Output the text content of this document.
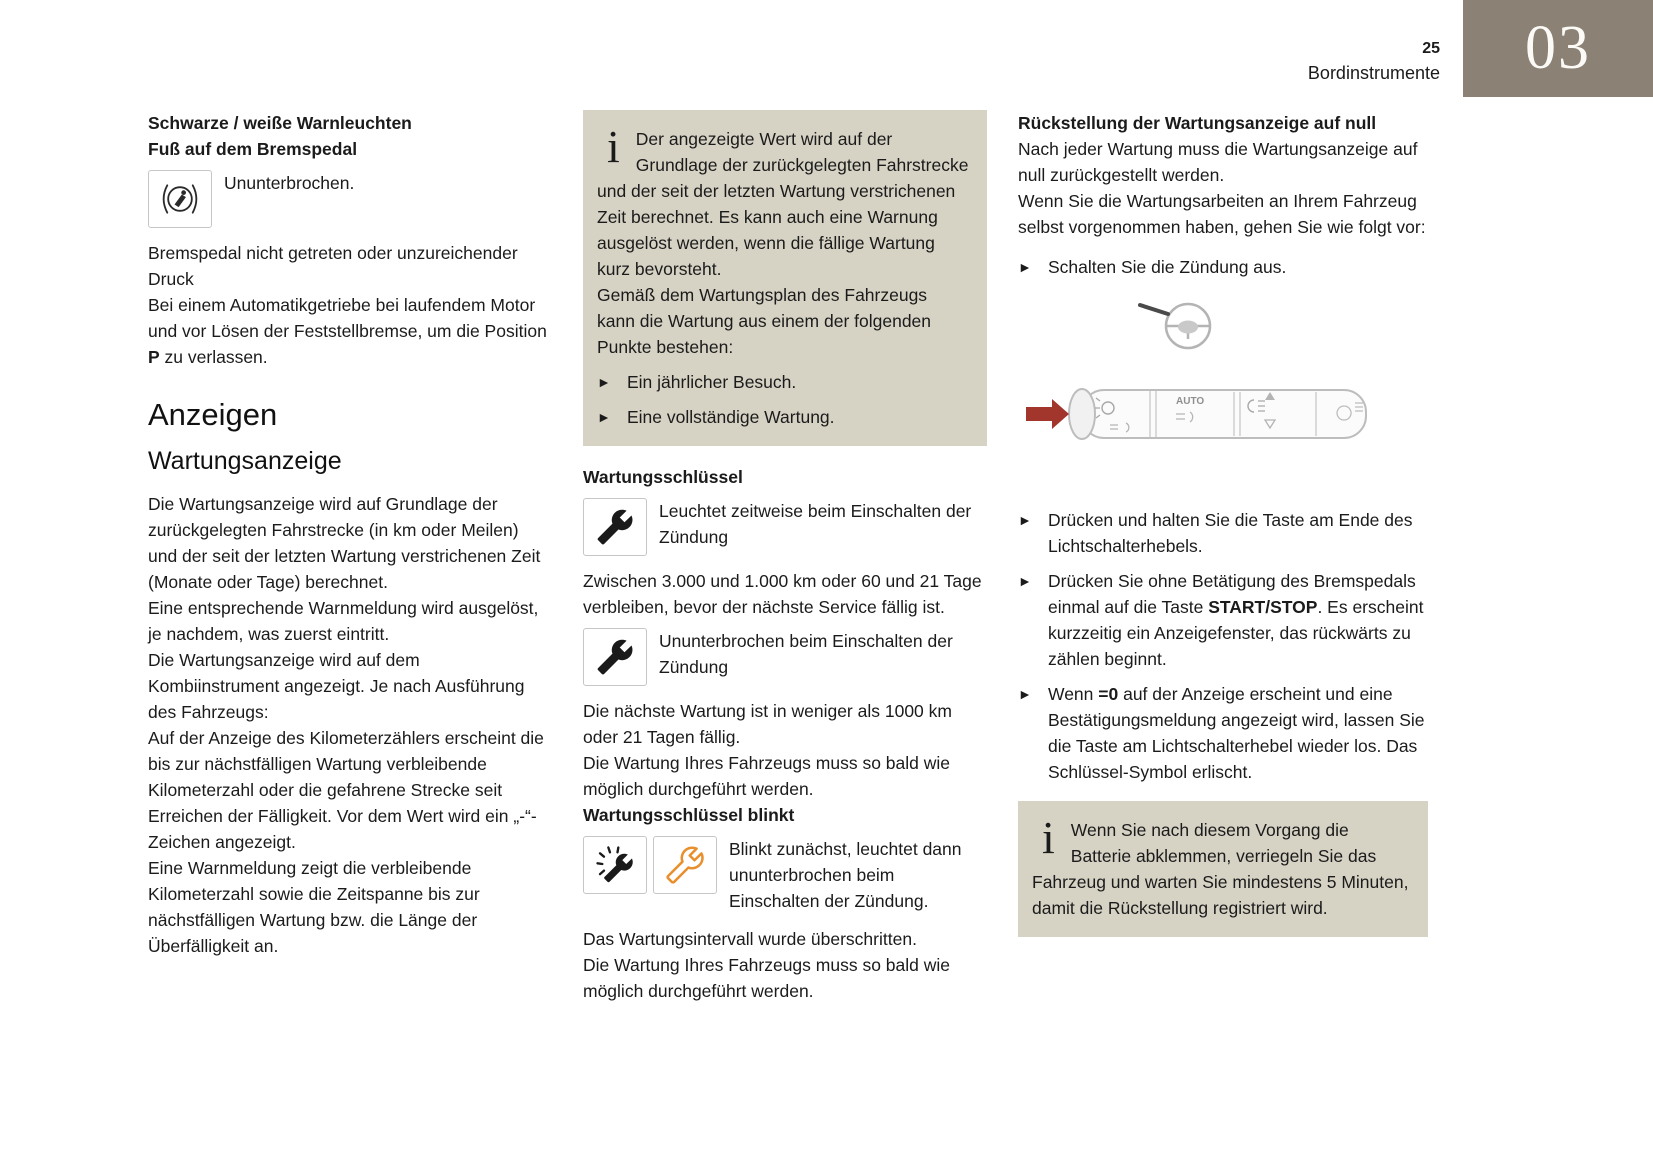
03
25
Bordinstrumente
Schwarze / weiße Warnleuchten
Fuß auf dem Bremspedal
Ununterbrochen.

Bremspedal nicht getreten oder unzureichender Druck

Bei einem Automatikgetriebe bei laufendem Motor und vor Lösen der Feststellbremse, um die Position P zu verlassen.

Anzeigen
Wartungsanzeige

Die Wartungsanzeige wird auf Grundlage der zurückgelegten Fahrstrecke (in km oder Meilen) und der seit der letzten Wartung verstrichenen Zeit (Monate oder Tage) berechnet.

Eine entsprechende Warnmeldung wird ausgelöst, je nachdem, was zuerst eintritt.

Die Wartungsanzeige wird auf dem Kombiinstrument angezeigt. Je nach Ausführung des Fahrzeugs:

Auf der Anzeige des Kilometerzählers erscheint die bis zur nächstfälligen Wartung verbleibende Kilometerzahl oder die gefahrene Strecke seit Erreichen der Fälligkeit. Vor dem Wert wird ein „-“-Zeichen angezeigt.

Eine Warnmeldung zeigt die verbleibende Kilometerzahl sowie die Zeitspanne bis zur nächstfälligen Wartung bzw. die Länge der Überfälligkeit an.

i Der angezeigte Wert wird auf der Grundlage der zurückgelegten Fahrstrecke und der seit der letzten Wartung verstrichenen Zeit berechnet. Es kann auch eine Warnung ausgelöst werden, wenn die fällige Wartung kurz bevorsteht.

Gemäß dem Wartungsplan des Fahrzeugs kann die Wartung aus einem der folgenden Punkte bestehen:

► Ein jährlicher Besuch.
► Eine vollständige Wartung.
Wartungsschlüssel
Leuchtet zeitweise beim Einschalten der Zündung

Zwischen 3.000 und 1.000 km oder 60 und 21 Tage verbleiben, bevor der nächste Service fällig ist.

Ununterbrochen beim Einschalten der Zündung

Die nächste Wartung ist in weniger als 1000 km oder 21 Tagen fällig.

Die Wartung Ihres Fahrzeugs muss so bald wie möglich durchgeführt werden.

Wartungsschlüssel blinkt
Blinkt zunächst, leuchtet dann ununterbrochen beim Einschalten der Zündung.

Das Wartungsintervall wurde überschritten.

Die Wartung Ihres Fahrzeugs muss so bald wie möglich durchgeführt werden.

Rückstellung der Wartungsanzeige auf null

Nach jeder Wartung muss die Wartungsanzeige auf null zurückgestellt werden.

Wenn Sie die Wartungsarbeiten an Ihrem Fahrzeug selbst vorgenommen haben, gehen Sie wie folgt vor:

► Schalten Sie die Zündung aus.
AUTO
► Drücken und halten Sie die Taste am Ende des Lichtschalterhebels.
► Drücken Sie ohne Betätigung des Bremspedals einmal auf die Taste START/STOP. Es erscheint kurzzeitig ein Anzeigefenster, das rückwärts zu zählen beginnt.
► Wenn =0 auf der Anzeige erscheint und eine Bestätigungsmeldung angezeigt wird, lassen Sie die Taste am Lichtschalterhebel wieder los. Das Schlüssel-Symbol erlischt.

i Wenn Sie nach diesem Vorgang die Batterie abklemmen, verriegeln Sie das Fahrzeug und warten Sie mindestens 5 Minuten, damit die Rückstellung registriert wird.
